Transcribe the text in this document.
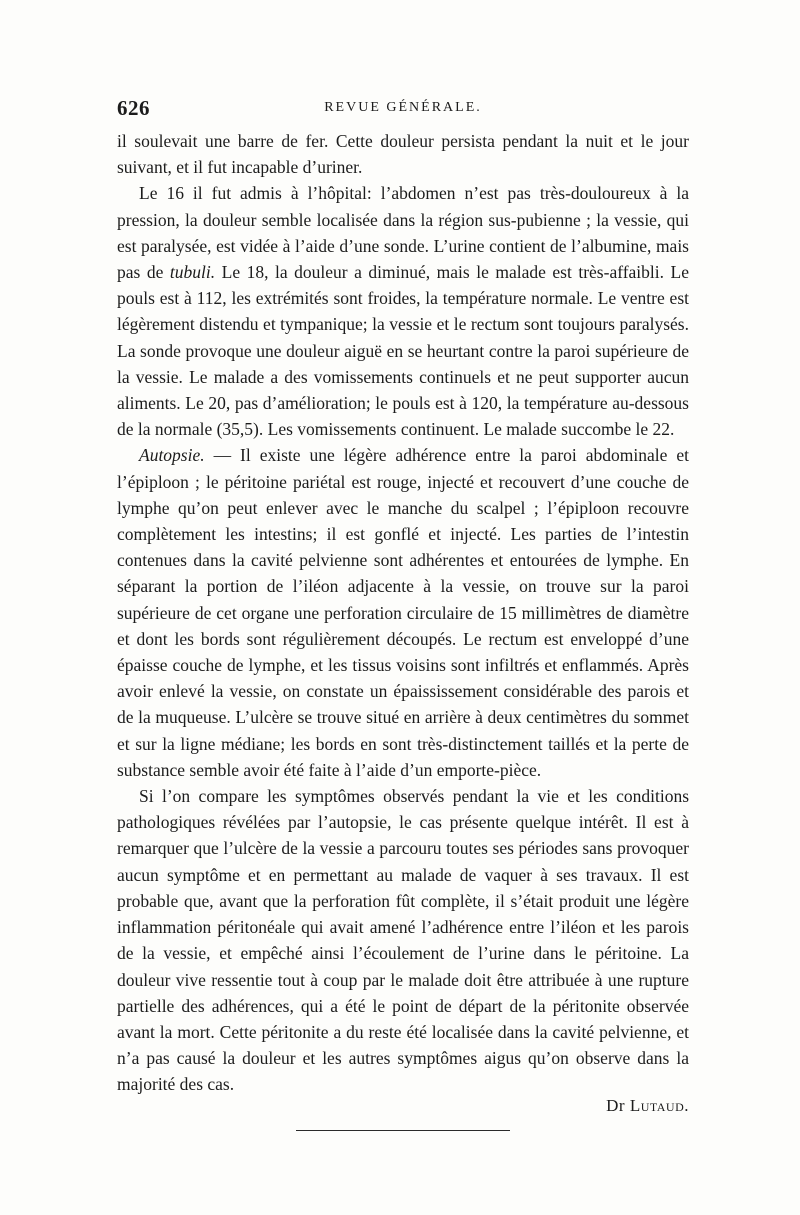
626	REVUE GÉNÉRALE.

il soulevait une barre de fer. Cette douleur persista pendant la nuit et le jour suivant, et il fut incapable d’uriner.

Le 16 il fut admis à l’hôpital: l’abdomen n’est pas très-douloureux à la pression, la douleur semble localisée dans la région sus-pubienne ; la vessie, qui est paralysée, est vidée à l’aide d’une sonde. L’urine contient de l’albumine, mais pas de tubuli. Le 18, la douleur a diminué, mais le malade est très-affaibli. Le pouls est à 112, les extrémités sont froides, la température normale. Le ventre est légèrement distendu et tympanique; la vessie et le rectum sont toujours paralysés. La sonde provoque une douleur aiguë en se heurtant contre la paroi supérieure de la vessie. Le malade a des vomissements continuels et ne peut supporter aucun aliments. Le 20, pas d’amélioration; le pouls est à 120, la température au-dessous de la normale (35,5). Les vomissements continuent. Le malade succombe le 22.

Autopsie. — Il existe une légère adhérence entre la paroi abdominale et l’épiploon ; le péritoine pariétal est rouge, injecté et recouvert d’une couche de lymphe qu’on peut enlever avec le manche du scalpel ; l’épiploon recouvre complètement les intestins; il est gonflé et injecté. Les parties de l’intestin contenues dans la cavité pelvienne sont adhérentes et entourées de lymphe. En séparant la portion de l’iléon adjacente à la vessie, on trouve sur la paroi supérieure de cet organe une perforation circulaire de 15 millimètres de diamètre et dont les bords sont régulièrement découpés. Le rectum est enveloppé d’une épaisse couche de lymphe, et les tissus voisins sont infiltrés et enflammés. Après avoir enlevé la vessie, on constate un épaississement considérable des parois et de la muqueuse. L’ulcère se trouve situé en arrière à deux centimètres du sommet et sur la ligne médiane; les bords en sont très-distinctement taillés et la perte de substance semble avoir été faite à l’aide d’un emporte-pièce.

Si l’on compare les symptômes observés pendant la vie et les conditions pathologiques révélées par l’autopsie, le cas présente quelque intérêt. Il est à remarquer que l’ulcère de la vessie a parcouru toutes ses périodes sans provoquer aucun symptôme et en permettant au malade de vaquer à ses travaux. Il est probable que, avant que la perforation fût complète, il s’était produit une légère inflammation péritonéale qui avait amené l’adhérence entre l’iléon et les parois de la vessie, et empêché ainsi l’écoulement de l’urine dans le péritoine. La douleur vive ressentie tout à coup par le malade doit être attribuée à une rupture partielle des adhérences, qui a été le point de départ de la péritonite observée avant la mort. Cette péritonite a du reste été localisée dans la cavité pelvienne, et n’a pas causé la douleur et les autres symptômes aigus qu’on observe dans la majorité des cas.

Dr Lutaud.
